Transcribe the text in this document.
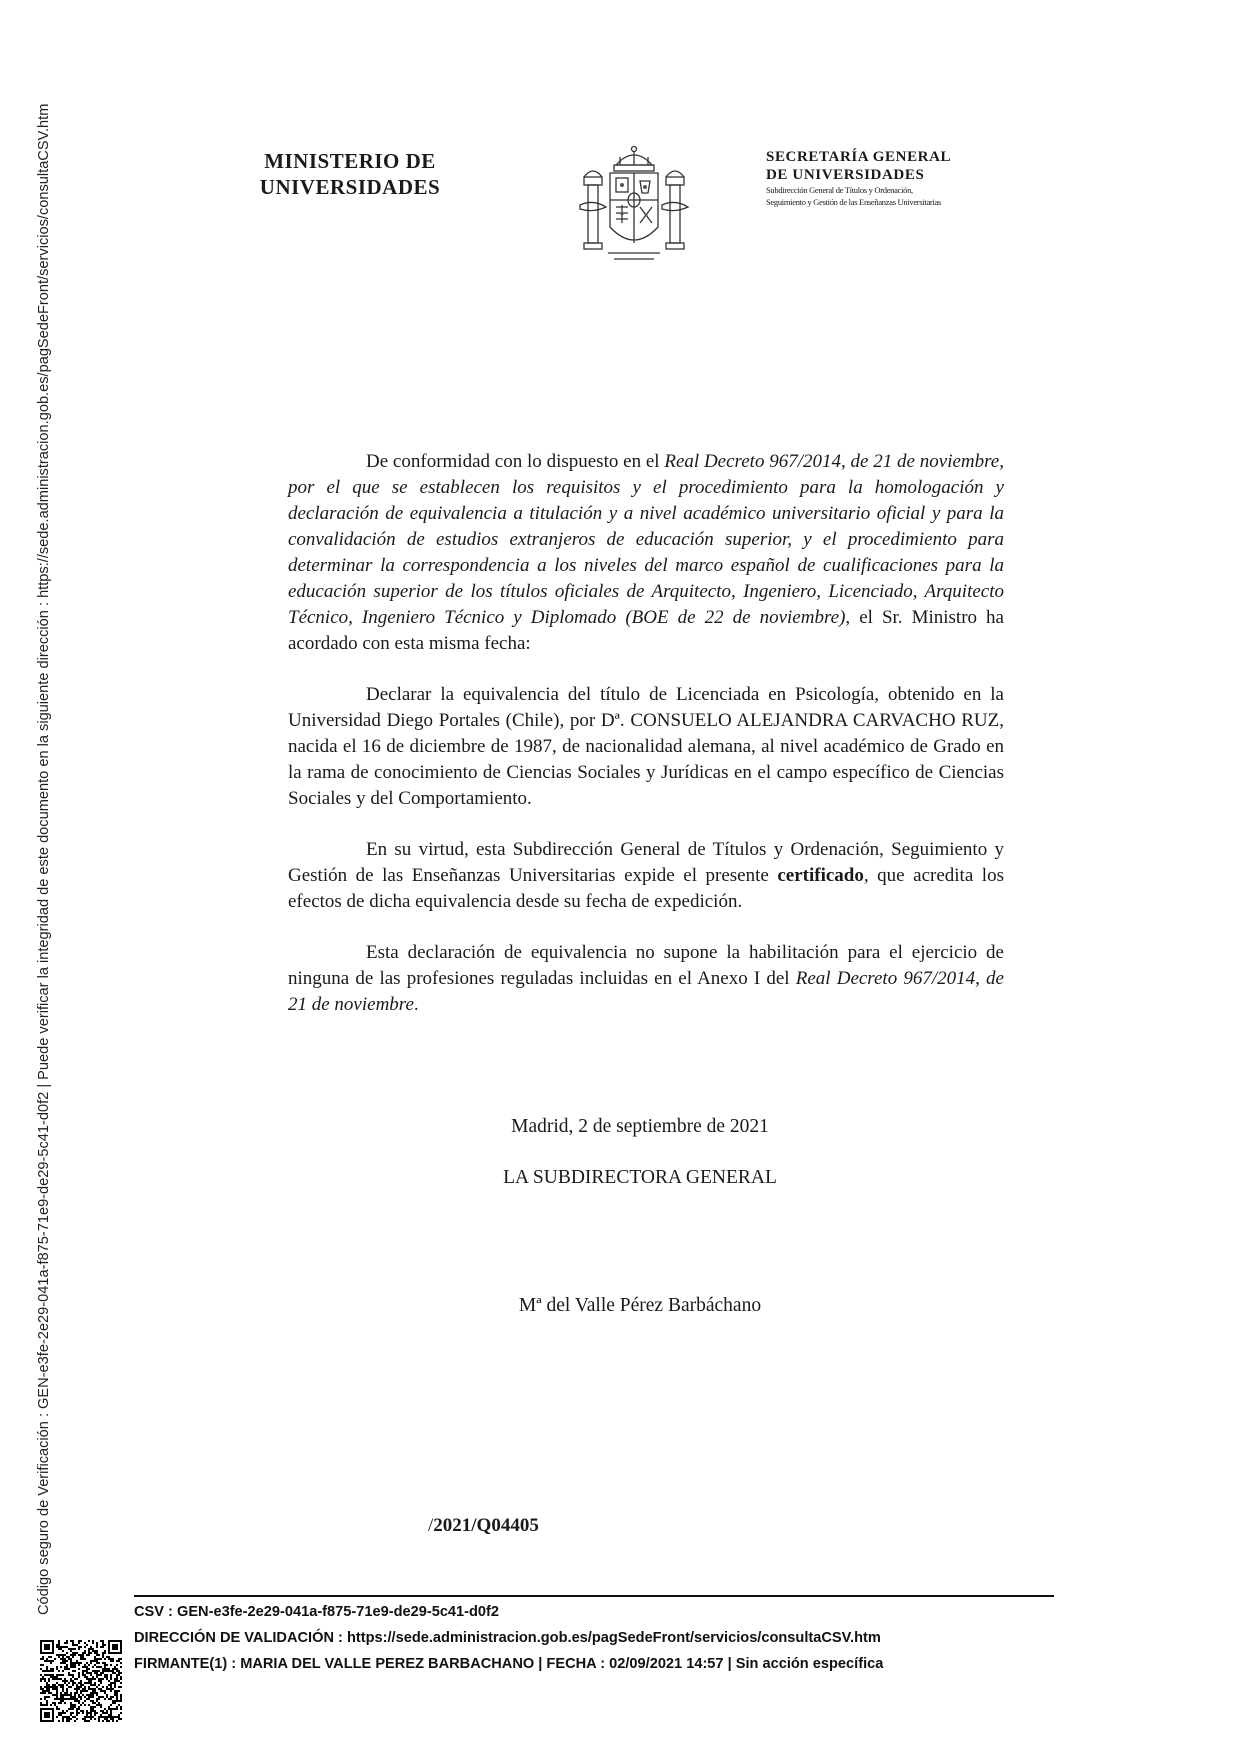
Código seguro de Verificación : GEN-e3fe-2e29-041a-f875-71e9-de29-5c41-d0f2 | Puede verificar la integridad de este documento en la siguiente dirección : https://sede.administracion.gob.es/pagSedeFront/servicios/consultaCSV.htm	MINISTERIO DE
UNIVERSIDADES
SECRETARÍA GENERAL
DE UNIVERSIDADES
Subdirección General de Títulos y Ordenación,
Seguimiento y Gestión de las Enseñanzas Universitarias

De conformidad con lo dispuesto en el Real Decreto 967/2014, de 21 de noviembre, por el que se establecen los requisitos y el procedimiento para la homologación y declaración de equivalencia a titulación y a nivel académico universitario oficial y para la convalidación de estudios extranjeros de educación superior, y el procedimiento para determinar la correspondencia a los niveles del marco español de cualificaciones para la educación superior de los títulos oficiales de Arquitecto, Ingeniero, Licenciado, Arquitecto Técnico, Ingeniero Técnico y Diplomado (BOE de 22 de noviembre), el Sr. Ministro ha acordado con esta misma fecha:

Declarar la equivalencia del título de Licenciada en Psicología, obtenido en la Universidad Diego Portales (Chile), por Dª. CONSUELO ALEJANDRA CARVACHO RUZ, nacida el 16 de diciembre de 1987, de nacionalidad alemana, al nivel académico de Grado en la rama de conocimiento de Ciencias Sociales y Jurídicas en el campo específico de Ciencias Sociales y del Comportamiento.

En su virtud, esta Subdirección General de Títulos y Ordenación, Seguimiento y Gestión de las Enseñanzas Universitarias expide el presente certificado, que acredita los efectos de dicha equivalencia desde su fecha de expedición.

Esta declaración de equivalencia no supone la habilitación para el ejercicio de ninguna de las profesiones reguladas incluidas en el Anexo I del Real Decreto 967/2014, de 21 de noviembre.

Madrid, 2 de septiembre de 2021
LA SUBDIRECTORA GENERAL
Mª del Valle Pérez Barbáchano
/2021/Q04405
CSV : GEN-e3fe-2e29-041a-f875-71e9-de29-5c41-d0f2
DIRECCIÓN DE VALIDACIÓN : https://sede.administracion.gob.es/pagSedeFront/servicios/consultaCSV.htm
FIRMANTE(1) : MARIA DEL VALLE PEREZ BARBACHANO | FECHA : 02/09/2021 14:57 | Sin acción específica
